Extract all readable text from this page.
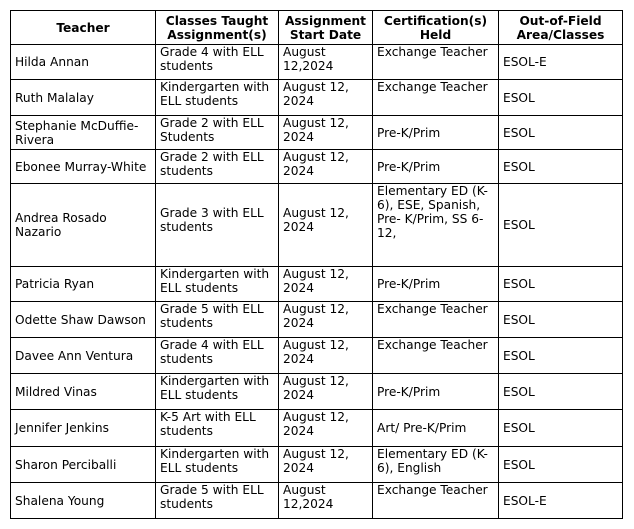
Teacher	Classes Taught Assignment(s)	Assignment Start Date	Certification(s) Held	Out-of-Field Area/Classes
Hilda Annan	Grade 4 with ELL students	August 12,2024	Exchange Teacher	ESOL-E
Ruth Malalay	Kindergarten with ELL students	August 12, 2024	Exchange Teacher	ESOL
Stephanie McDuffie-Rivera	Grade 2 with ELL Students	August 12, 2024	Pre-K/Prim	ESOL
Ebonee Murray-White	Grade 2 with ELL students	August 12, 2024	Pre-K/Prim	ESOL
Andrea Rosado Nazario	Grade 3 with ELL students	August 12, 2024	Elementary ED (K-6), ESE, Spanish, Pre- K/Prim, SS 6-12,	ESOL
Patricia Ryan	Kindergarten with ELL students	August 12, 2024	Pre-K/Prim	ESOL
Odette Shaw Dawson	Grade 5 with ELL students	August 12, 2024	Exchange Teacher	ESOL
Davee Ann Ventura	Grade 4 with ELL students	August 12, 2024	Exchange Teacher	ESOL
Mildred Vinas	Kindergarten with ELL students	August 12, 2024	Pre-K/Prim	ESOL
Jennifer Jenkins	K-5 Art with ELL students	August 12, 2024	Art/ Pre-K/Prim	ESOL
Sharon Perciballi	Kindergarten with ELL students	August 12, 2024	Elementary ED (K-6), English	ESOL
Shalena Young	Grade 5 with ELL students	August 12,2024	Exchange Teacher	ESOL-E
